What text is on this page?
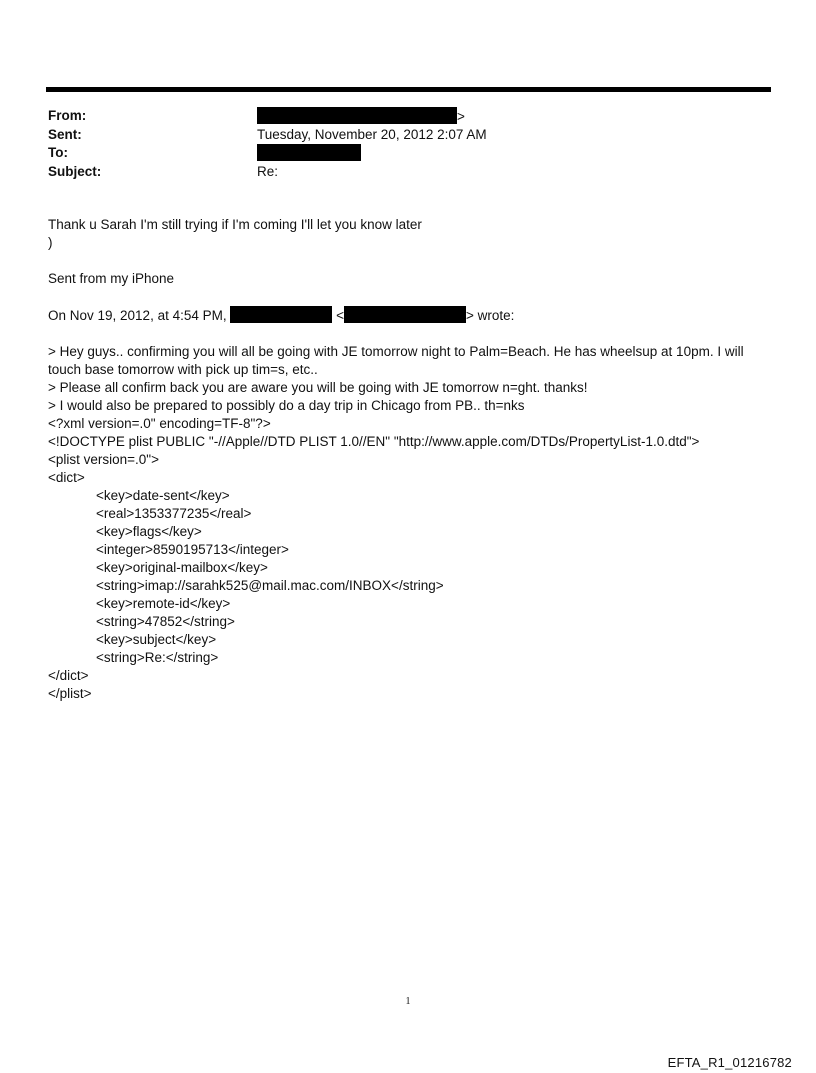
From:	>
Sent:	Tuesday, November 20, 2012 2:07 AM
To:
Subject:	Re:
Thank u Sarah I'm still trying if I'm coming I'll let you know later
)
Sent from my iPhone
On Nov 19, 2012, at 4:54 PM,	<	> wrote:
> Hey guys.. confirming you will all be going with JE tomorrow night to Palm=Beach. He has wheelsup at 10pm. I will
touch base tomorrow with pick up tim=s, etc..
> Please all confirm back you are aware you will be going with JE tomorrow n=ght. thanks!
> I would also be prepared to possibly do a day trip in Chicago from PB.. th=nks
<?xml version=.0" encoding=TF-8"?>
<!DOCTYPE plist PUBLIC "-//Apple//DTD PLIST 1.0//EN" "http://www.apple.com/DTDs/PropertyList-1.0.dtd">
<plist version=.0">
<dict>
<key>date-sent</key>
<real>1353377235</real>
<key>flags</key>
<integer>8590195713</integer>
<key>original-mailbox</key>
<string>imap://sarahk525@mail.mac.com/INBOX</string>
<key>remote-id</key>
<string>47852</string>
<key>subject</key>
<string>Re:</string>
</dict>
</plist>
1
EFTA_R1_01216782
